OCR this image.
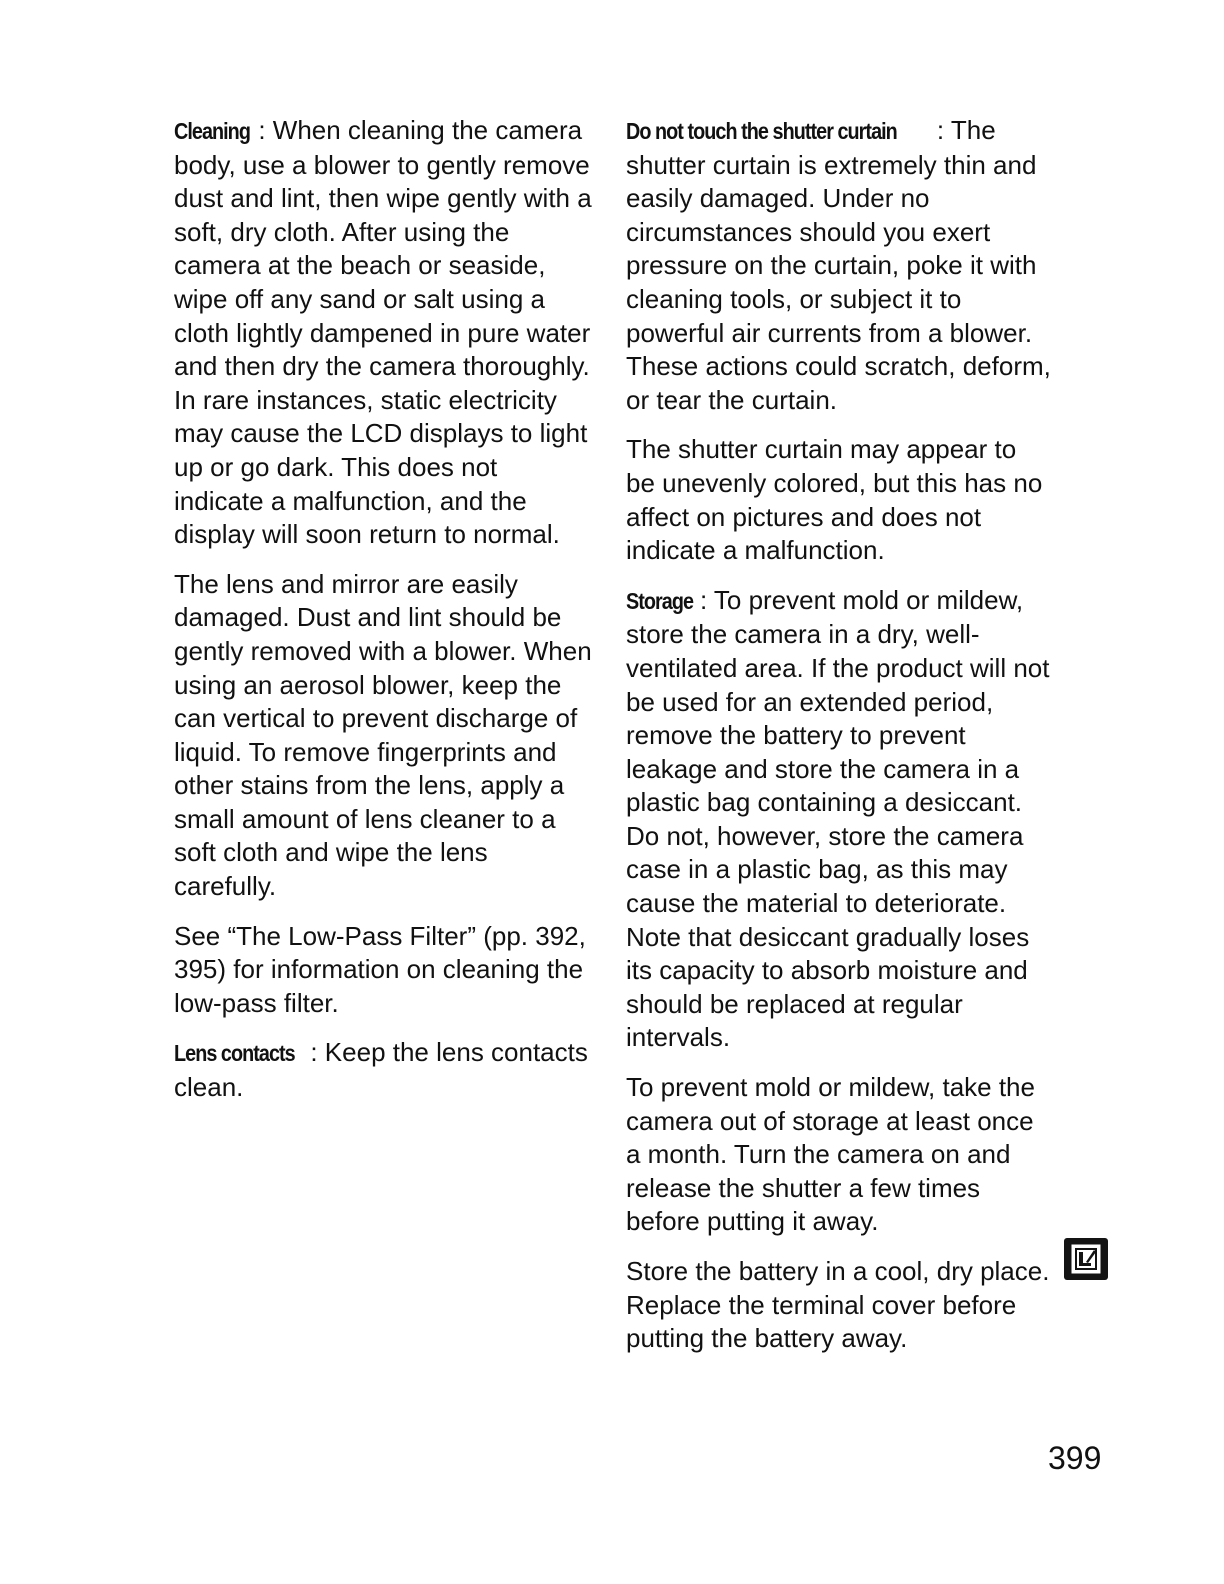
Cleaning : When cleaning the camera body, use a blower to gently remove dust and lint, then wipe gently with a soft, dry cloth. After using the camera at the beach or seaside, wipe off any sand or salt using a cloth lightly dampened in pure water and then dry the camera thoroughly. In rare instances, static electricity may cause the LCD displays to light up or go dark. This does not indicate a malfunction, and the display will soon return to normal.

The lens and mirror are easily damaged. Dust and lint should be gently removed with a blower. When using an aerosol blower, keep the can vertical to prevent discharge of liquid. To remove fingerprints and other stains from the lens, apply a small amount of lens cleaner to a soft cloth and wipe the lens carefully.

See “The Low-Pass Filter” (pp. 392, 395) for information on cleaning the low-pass filter.

Lens contacts : Keep the lens contacts clean.

Do not touch the shutter curtain : The shutter curtain is extremely thin and easily damaged. Under no circumstances should you exert pressure on the curtain, poke it with cleaning tools, or subject it to powerful air currents from a blower. These actions could scratch, deform, or tear the curtain.

The shutter curtain may appear to be unevenly colored, but this has no affect on pictures and does not indicate a malfunction.

Storage : To prevent mold or mildew, store the camera in a dry, well-ventilated area. If the product will not be used for an extended period, remove the battery to prevent leakage and store the camera in a plastic bag containing a desiccant. Do not, however, store the camera case in a plastic bag, as this may cause the material to deteriorate. Note that desiccant gradually loses its capacity to absorb moisture and should be replaced at regular intervals.

To prevent mold or mildew, take the camera out of storage at least once a month. Turn the camera on and release the shutter a few times before putting it away.

Store the battery in a cool, dry place. Replace the terminal cover before putting the battery away.

399
